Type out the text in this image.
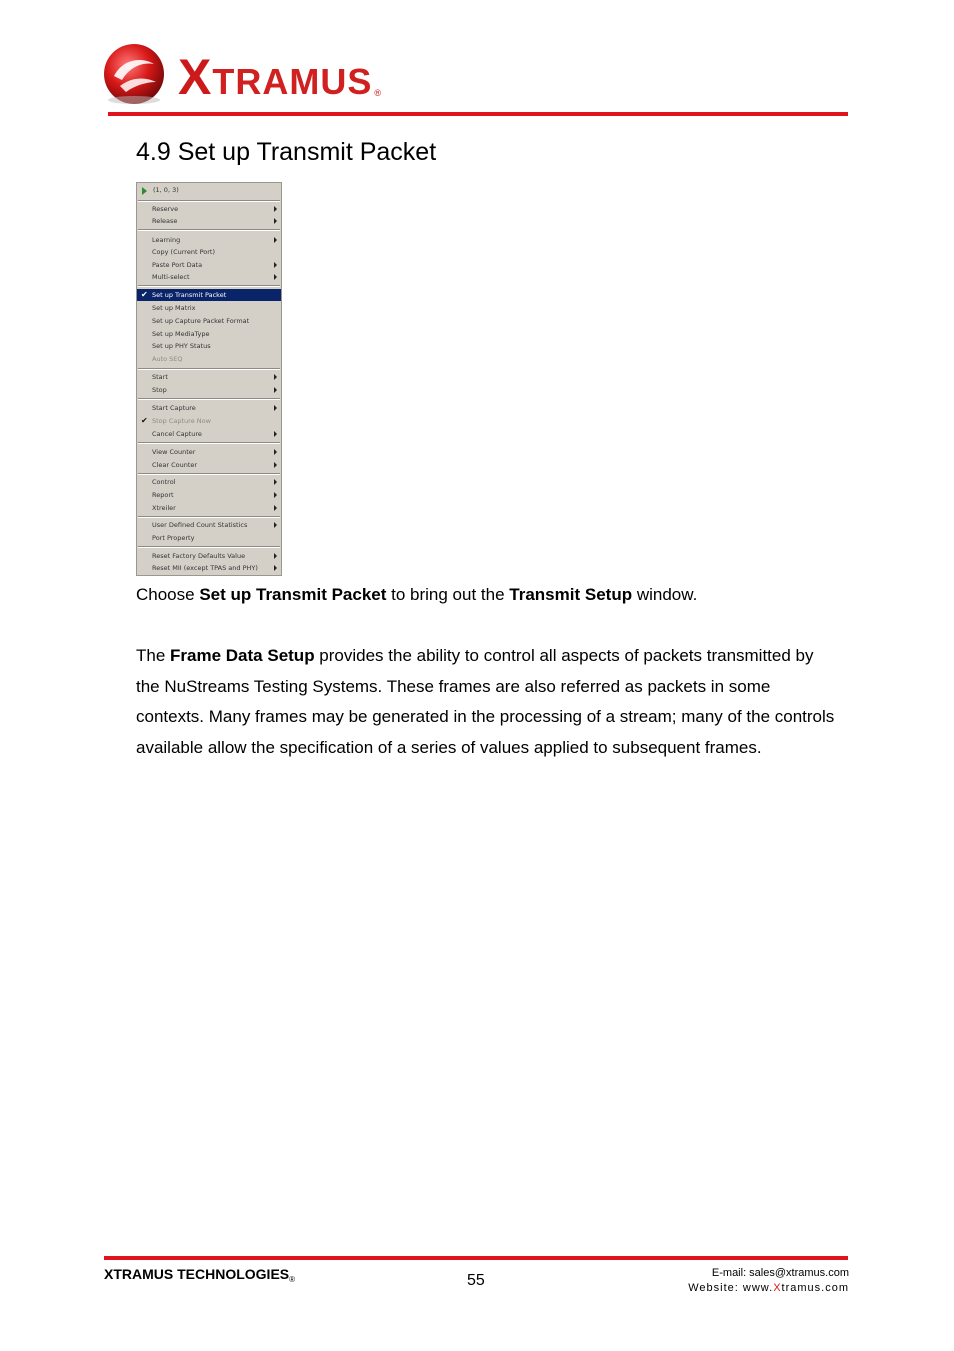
XTRAMUS ®
4.9 Set up Transmit Packet
(1, 0, 3)
Reserve
Release
Learning
Copy (Current Port)
Paste Port Data
Multi-select
✔ Set up Transmit Packet
Set up Matrix
Set up Capture Packet Format
Set up MediaType
Set up PHY Status
Auto SEQ
Start
Stop
Start Capture
✔ Stop Capture Now
Cancel Capture
View Counter
Clear Counter
Control
Report
Xtreiler
User Defined Count Statistics
Port Property
Reset Factory Defaults Value
Reset MII (except TPAS and PHY)

Choose Set up Transmit Packet to bring out the Transmit Setup window.

The Frame Data Setup provides the ability to control all aspects of packets transmitted by the NuStreams Testing Systems. These frames are also referred as packets in some contexts. Many frames may be generated in the processing of a stream; many of the controls available allow the specification of a series of values applied to subsequent frames.

XTRAMUS $TECHNOLOGIES_®$	55	E-mail: sales@xtramus.com
Website: www.Xtramus.com
